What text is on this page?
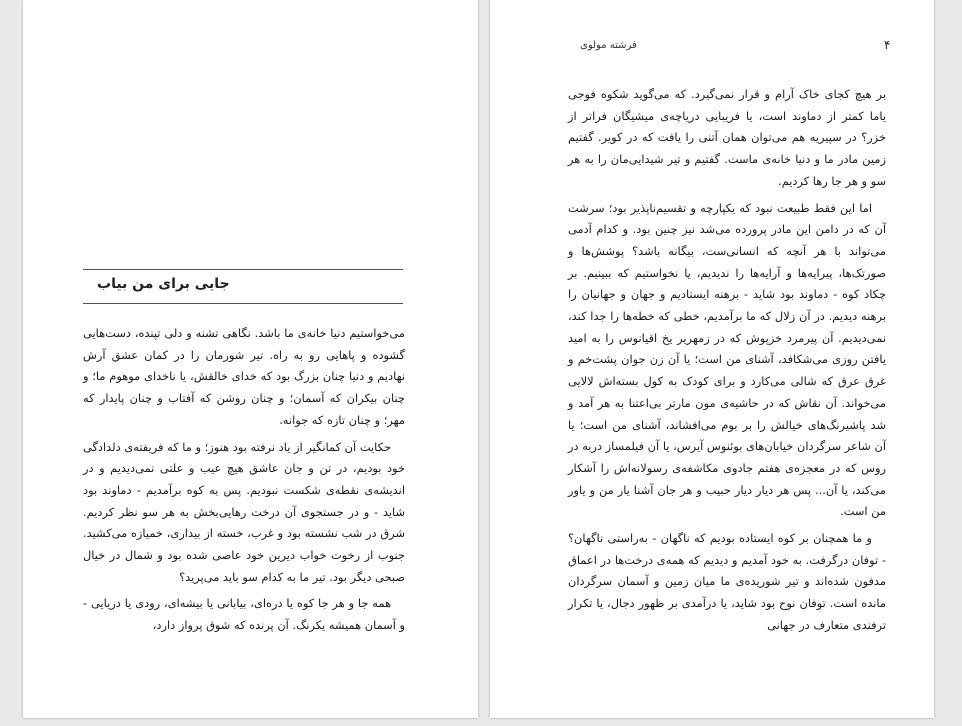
جایی برای من بیاب

می‌خواستیم دنیا خانه‌ی ما باشد. نگاهی تشنه و دلی تپنده، دست‌هایی گشوده و پاهایی رو به راه. تیر شورمان را در کمان عشق آرش نهادیم و دنیا چنان بزرگ بود که خدای خالقش، یا ناخدای موهوم ما؛ و چنان بیکران که آسمان؛ و چنان روشن که آفتاب و چنان پایدار که مهر؛ و چنان تازه که جوانه.

حکایت آن کمانگیر از یاد نرفته بود هنوز؛ و ما که فریفته‌ی دلدادگی خود بودیم، در تن و جان عاشق هیچ عیب و علتی نمی‌دیدیم و در اندیشه‌ی نقطه‌ی شکست نبودیم. پس به کوه برآمدیم - دماوند بود شاید - و در جستجوی آن درخت رهایی‌بخش به هر سو نظر کردیم. شرق در شب نشسته بود و غرب، خسته از بیداری، خمیازه می‌کشید. جنوب از رخوت خواب دیرین خود عاصی شده بود و شمال در خیال صبحی دیگر بود. تیر ما به کدام سو باید می‌پرید؟

همه جا و هر جا کوه یا دره‌ای، بیابانی یا بیشه‌ای، رودی یا دریایی - و آسمان همیشه یکرنگ. آن پرنده که شوق پرواز دارد،

۴
فرشته مولوی

بر هیچ کجای خاک آرام و قرار نمی‌گیرد. که می‌گوید شکوه فوجی یاما کمتر از دماوند است، یا فریبایی دریاچه‌ی میشیگان فراتر از خزر؟ در سپیریه هم می‌توان همان آتنی را یافت که در کویر. گفتیم زمین مادر ما و دنیا خانه‌ی ماست. گفتیم و تیر شیدایی‌مان را به هر سو و هر جا رها کردیم.

اما این فقط طبیعت نبود که یکپارچه و تقسیم‌ناپذیر بود؛ سرشت آن که در دامن این مادر پرورده می‌شد نیز چنین بود. و کدام آدمی می‌تواند با هر آنچه که انسانی‌ست، بیگانه باشد؟ پوشش‌ها و صورتک‌ها، پیرایه‌ها و آرایه‌ها را ندیدیم، یا نخواستیم که ببینیم. بر چکاد کوه - دماوند بود شاید - برهنه ایستادیم و جهان و جهانیان را برهنه دیدیم. در آن زلال که ما برآمدیم، خطی که خطه‌ها را جدا کند، نمی‌دیدیم. آن پیرمرد خزپوش که در زمهریر یخ اقیانوس را به امید یافتن روزی می‌شکافد، آشنای من است؛ یا آن زن جوان پشت‌خم و غرق عرق که شالی می‌کارد و برای کودک به کول بسته‌اش لالایی می‌خواند. آن نقاش که در حاشیه‌ی مون مارتر بی‌اعتنا به هر آمد و شد پاشیرنگ‌های خیالش را بر بوم می‌افشاند، آشنای من است؛ یا آن شاعر سرگردان خیابان‌های بوئنوس آیرس، یا آن فیلمساز دربه در روس که در معجزه‌ی هفتم جادوی مکاشفه‌ی رسولانه‌اش را آشکار می‌کند، یا آن... پس هر دیار دیار حبیب و هر جان آشنا یار من و یاور من است.

و ما همچنان بر کوه ایستاده بودیم که ناگهان - به‌راستی ناگهان؟ - توفان درگرفت. به خود آمدیم و دیدیم که همه‌ی درخت‌ها در اعماق مدفون شده‌اند و تیر شوریده‌ی ما میان زمین و آسمان سرگردان مانده است. توفان نوح بود شاید، یا درآمدی بر ظهور دجال، یا تکرار ترفندی متعارف در جهانی
